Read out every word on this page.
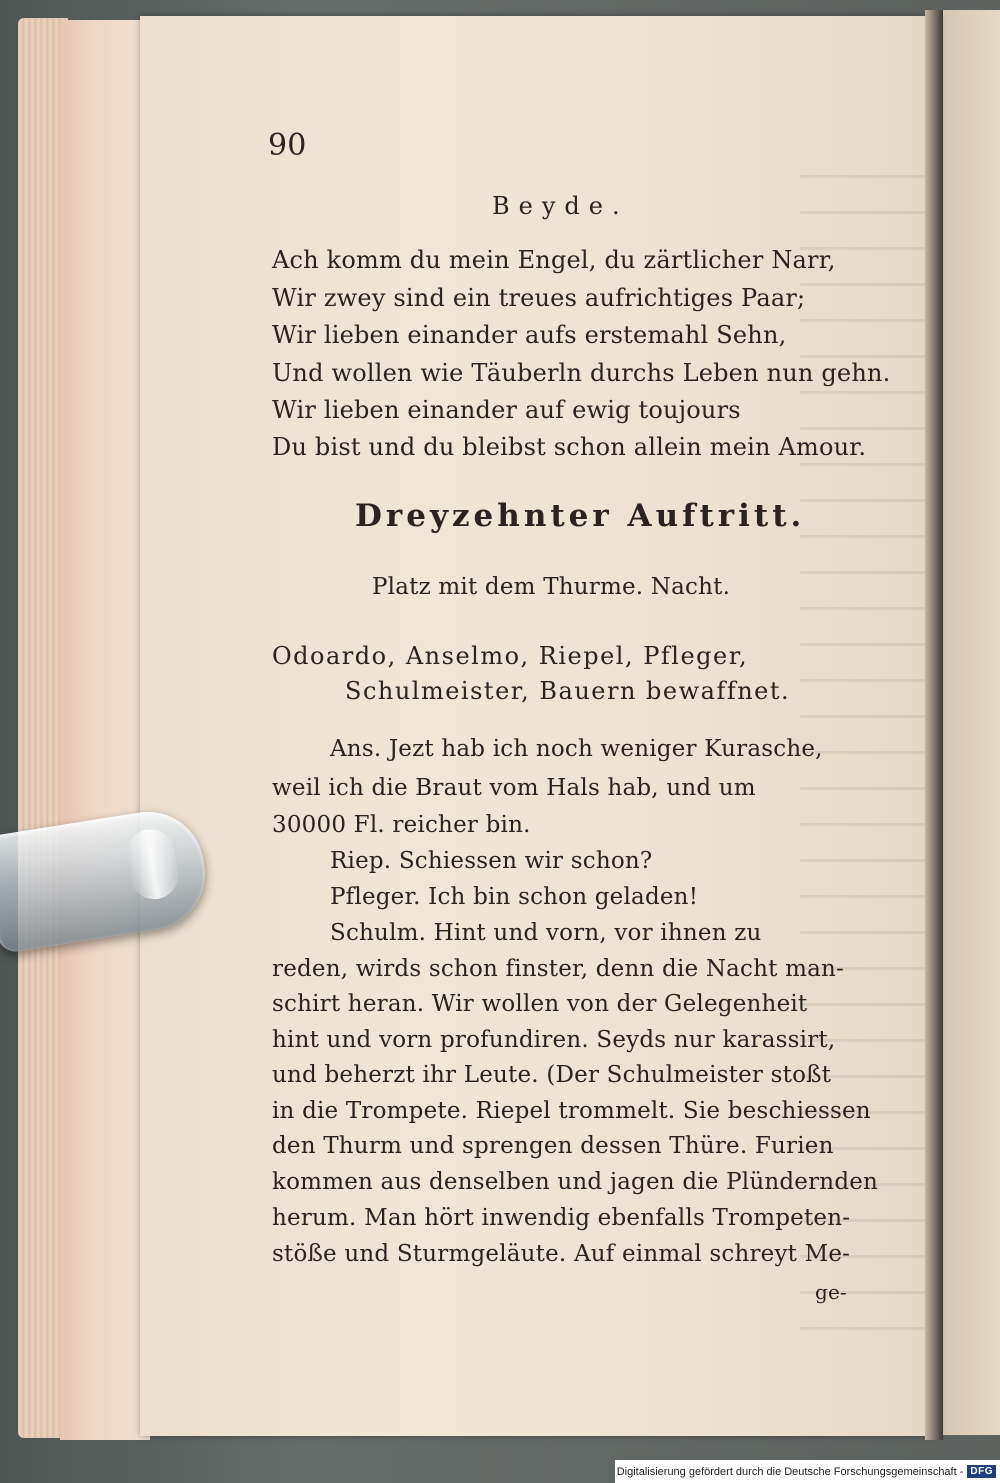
90
Beyde.
Ach komm du mein Engel, du zärtlicher Narr,
Wir zwey sind ein treues aufrichtiges Paar;
Wir lieben einander aufs erstemahl Sehn,
Und wollen wie Täuberln durchs Leben nun gehn.
Wir lieben einander auf ewig toujours
Du bist und du bleibst schon allein mein Amour.
Dreyzehnter Auftritt.
Platz mit dem Thurme. Nacht.
Odoardo, Anselmo, Riepel, Pfleger,
Schulmeister, Bauern bewaffnet.
Ans. Jezt hab ich noch weniger Kurasche,
weil ich die Braut vom Hals hab, und um
30000 Fl. reicher bin.
Riep. Schiessen wir schon?
Pfleger. Ich bin schon geladen!
Schulm. Hint und vorn, vor ihnen zu
reden, wirds schon finster, denn die Nacht man-
schirt heran. Wir wollen von der Gelegenheit
hint und vorn profundiren. Seyds nur karassirt,
und beherzt ihr Leute. (Der Schulmeister stoßt
in die Trompete. Riepel trommelt. Sie beschiessen
den Thurm und sprengen dessen Thüre. Furien
kommen aus denselben und jagen die Plündernden
herum. Man hört inwendig ebenfalls Trompeten-
stöße und Sturmgeläute. Auf einmal schreyt Me-
ge-
Digitalisierung gefördert durch die Deutsche Forschungsgemeinschaft - DFG
